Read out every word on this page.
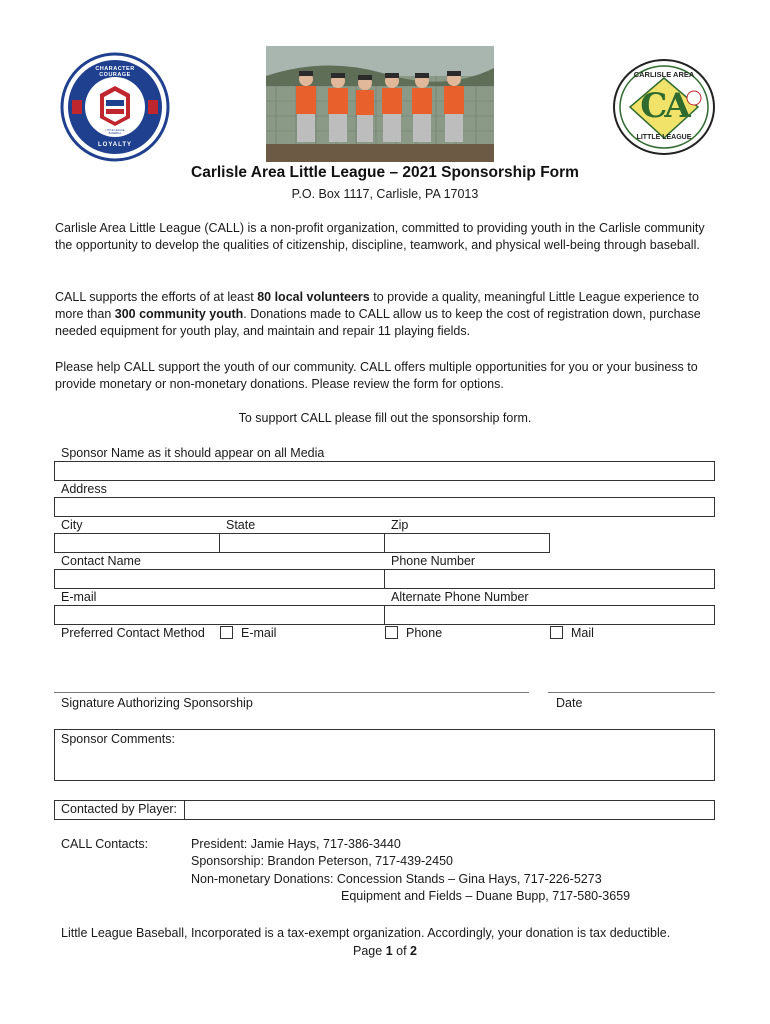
CHARACTER COURAGE
LOYALTY
LITTLE LEAGUE BASEBALL
CARLISLE AREA
CA
LITTLE LEAGUE
Carlisle Area Little League – 2021 Sponsorship Form
P.O. Box 1117, Carlisle, PA 17013
Carlisle Area Little League (CALL) is a non-profit organization, committed to providing youth in the Carlisle community the opportunity to develop the qualities of citizenship, discipline, teamwork, and physical well-being through baseball.
CALL supports the efforts of at least 80 local volunteers to provide a quality, meaningful Little League experience to more than 300 community youth. Donations made to CALL allow us to keep the cost of registration down, purchase needed equipment for youth play, and maintain and repair 11 playing fields.
Please help CALL support the youth of our community. CALL offers multiple opportunities for you or your business to provide monetary or non-monetary donations. Please review the form for options.
To support CALL please fill out the sponsorship form.
Sponsor Name as it should appear on all Media
Address
City	State	Zip
Contact Name	Phone Number
E-mail	Alternate Phone Number
Preferred Contact Method	E-mail	Phone	Mail
Signature Authorizing Sponsorship	Date
Sponsor Comments:
Contacted by Player:
CALL Contacts:	President: Jamie Hays, 717-386-3440
Sponsorship: Brandon Peterson, 717-439-2450
Non-monetary Donations: Concession Stands – Gina Hays, 717-226-5273
Equipment and Fields – Duane Bupp, 717-580-3659
Little League Baseball, Incorporated is a tax-exempt organization. Accordingly, your donation is tax deductible.
Page 1 of 2
